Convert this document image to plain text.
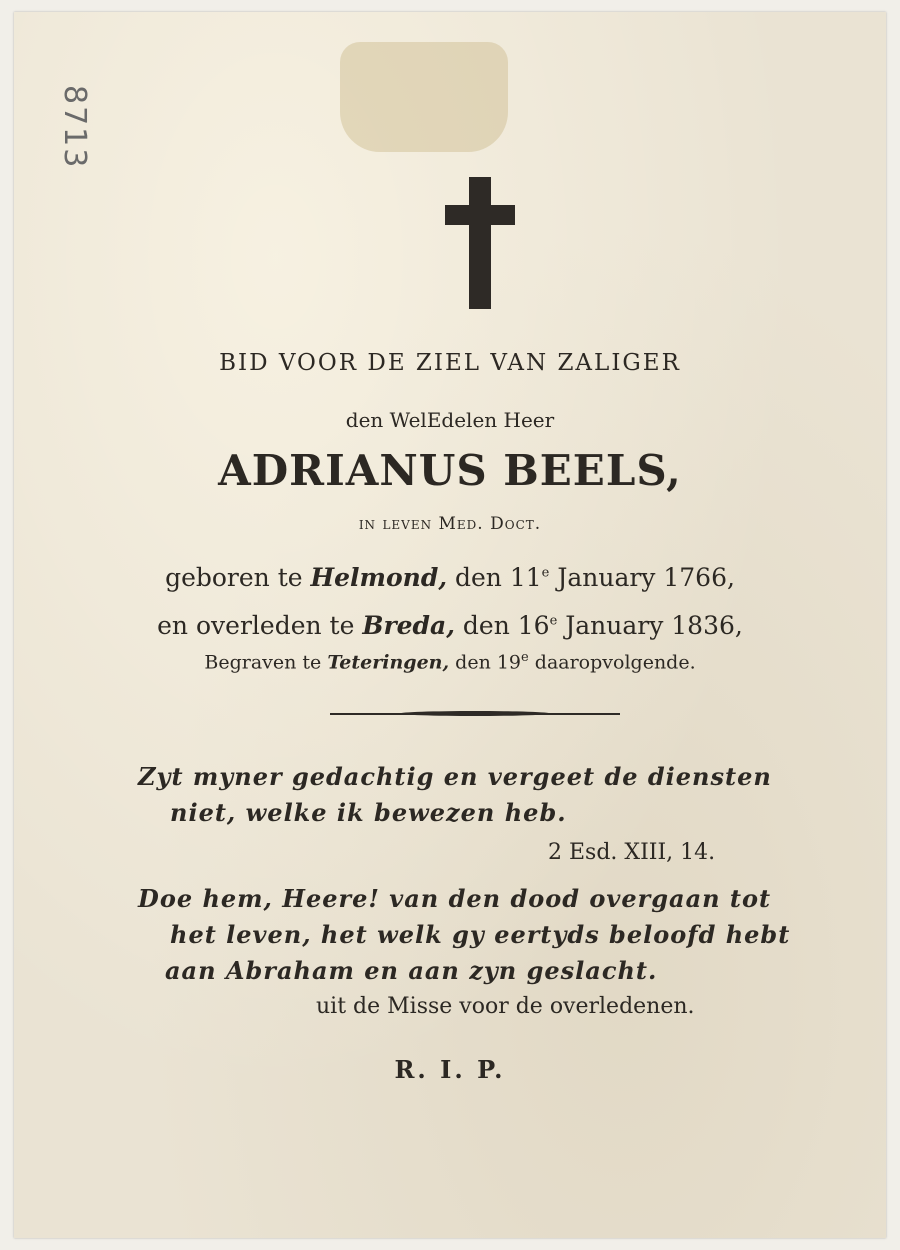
8713
BID VOOR DE ZIEL VAN ZALIGER
den WelEdelen Heer
ADRIANUS BEELS,
in leven Med. Doct.
geboren te Helmond, den 11e January 1766,
en overleden te Breda, den 16e January 1836,
Begraven te Teteringen, den 19e daaropvolgende.
Zyt myner gedachtig en vergeet de diensten
niet, welke ik bewezen heb.
2 Esd. XIII, 14.
Doe hem, Heere! van den dood overgaan tot
het leven, het welk gy eertyds beloofd hebt
aan Abraham en aan zyn geslacht.
uit de Misse voor de overledenen.
R. I. P.
